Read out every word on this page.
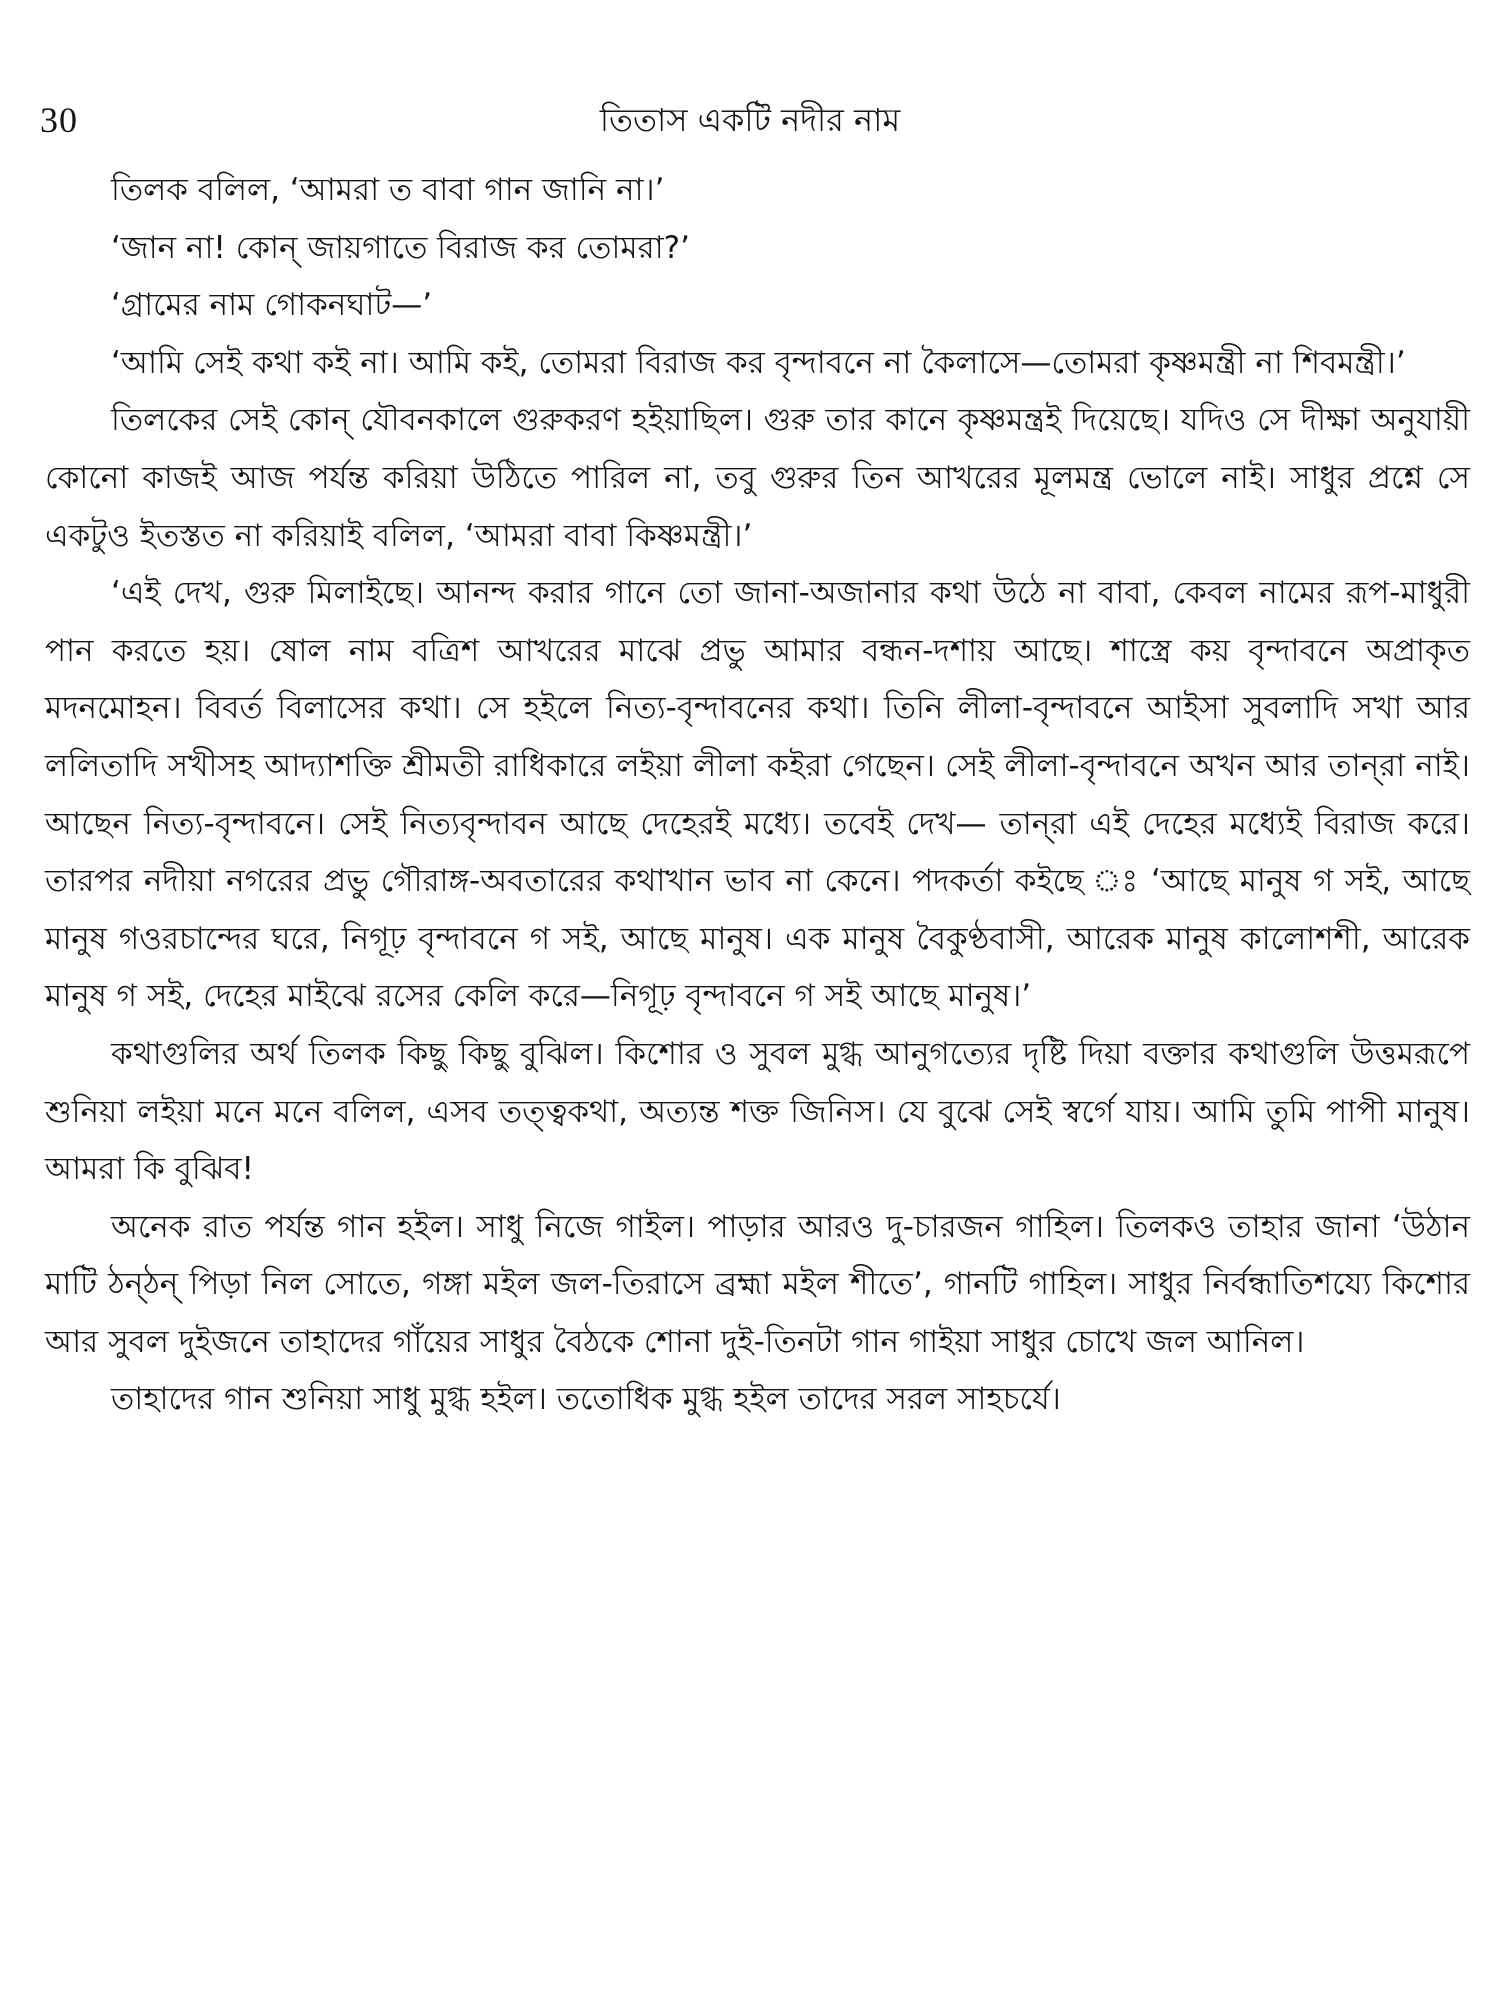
30	তিতাস একটি নদীর নাম

তিলক বলিল, ‘আমরা ত বাবা গান জানি না।’

‘জান না! কোন্ জায়গাতে বিরাজ কর তোমরা?’

‘গ্রামের নাম গোকনঘাট—’

‘আমি সেই কথা কই না। আমি কই, তোমরা বিরাজ কর বৃন্দাবনে না কৈলাসে—তোমরা কৃষ্ণমন্ত্রী না শিবমন্ত্রী।’

তিলকের সেই কোন্ যৌবনকালে গুরুকরণ হইয়াছিল। গুরু তার কানে কৃষ্ণমন্ত্রই দিয়েছে। যদিও সে দীক্ষা অনুযায়ী কোনো কাজই আজ পর্যন্ত করিয়া উঠিতে পারিল না, তবু গুরুর তিন আখরের মূলমন্ত্র ভোলে নাই। সাধুর প্রশ্নে সে একটুও ইতস্তত না করিয়াই বলিল, ‘আমরা বাবা কিষ্ণমন্ত্রী।’

‘এই দেখ, গুরু মিলাইছে। আনন্দ করার গানে তো জানা-অজানার কথা উঠে না বাবা, কেবল নামের রূপ-মাধুরী পান করতে হয়। ষোল নাম বত্রিশ আখরের মাঝে প্রভু আমার বন্ধন-দশায় আছে। শাস্ত্রে কয় বৃন্দাবনে অপ্রাকৃত মদনমোহন। বিবর্ত বিলাসের কথা। সে হইলে নিত্য-বৃন্দাবনের কথা। তিনি লীলা-বৃন্দাবনে আইসা সুবলাদি সখা আর ললিতাদি সখীসহ আদ্যাশক্তি শ্রীমতী রাধিকারে লইয়া লীলা কইরা গেছেন। সেই লীলা-বৃন্দাবনে অখন আর তান্‌রা নাই। আছেন নিত্য-বৃন্দাবনে। সেই নিত্যবৃন্দাবন আছে দেহেরই মধ্যে। তবেই দেখ— তান্‌রা এই দেহের মধ্যেই বিরাজ করে। তারপর নদীয়া নগরের প্রভু গৌরাঙ্গ-অবতারের কথাখান ভাব না কেনে। পদকর্তা কইছে ঃ ‘আছে মানুষ গ সই, আছে মানুষ গওরচান্দের ঘরে, নিগূঢ় বৃন্দাবনে গ সই, আছে মানুষ। এক মানুষ বৈকুণ্ঠবাসী, আরেক মানুষ কালোশশী, আরেক মানুষ গ সই, দেহের মাইঝে রসের কেলি করে—নিগূঢ় বৃন্দাবনে গ সই আছে মানুষ।’

কথাগুলির অর্থ তিলক কিছু কিছু বুঝিল। কিশোর ও সুবল মুগ্ধ আনুগত্যের দৃষ্টি দিয়া বক্তার কথাগুলি উত্তমরূপে শুনিয়া লইয়া মনে মনে বলিল, এসব তত্ত্বকথা, অত্যন্ত শক্ত জিনিস। যে বুঝে সেই স্বর্গে যায়। আমি তুমি পাপী মানুষ। আমরা কি বুঝিব!

অনেক রাত পর্যন্ত গান হইল। সাধু নিজে গাইল। পাড়ার আরও দু-চারজন গাহিল। তিলকও তাহার জানা ‘উঠান মাটি ঠন্‌ঠন্ পিড়া নিল সোতে, গঙ্গা মইল জল-তিরাসে ব্রহ্মা মইল শীতে’, গানটি গাহিল। সাধুর নির্বন্ধাতিশয্যে কিশোর আর সুবল দুইজনে তাহাদের গাঁয়ের সাধুর বৈঠকে শোনা দুই-তিনটা গান গাইয়া সাধুর চোখে জল আনিল।

তাহাদের গান শুনিয়া সাধু মুগ্ধ হইল। ততোধিক মুগ্ধ হইল তাদের সরল সাহচর্যে।
